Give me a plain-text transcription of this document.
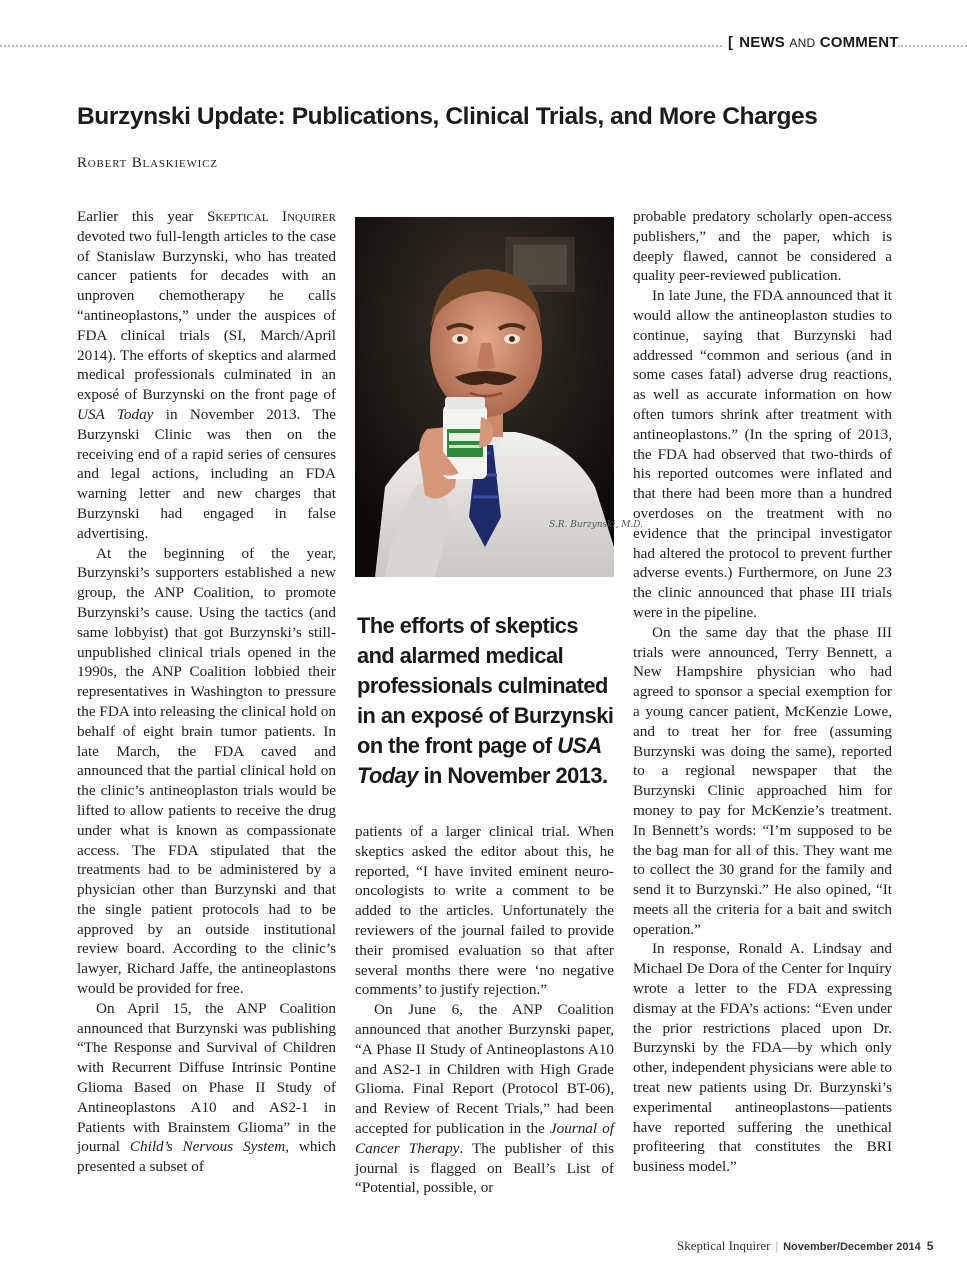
[ NEWS AND COMMENT
Burzynski Update: Publications, Clinical Trials, and More Charges
Robert Blaskiewicz

Earlier this year Skeptical Inquirer devoted two full-length articles to the case of Stanislaw Burzynski, who has treated cancer patients for decades with an unproven chemotherapy he calls “antineoplastons,” under the auspices of FDA clinical trials (SI, March/April 2014). The efforts of skeptics and alarmed medical professionals culminated in an exposé of Burzynski on the front page of USA Today in November 2013. The Burzynski Clinic was then on the receiving end of a rapid series of censures and legal actions, including an FDA warning letter and new charges that Burzynski had engaged in false advertising.

At the beginning of the year, Burzynski’s supporters established a new group, the ANP Coalition, to promote Burzynski’s cause. Using the tactics (and same lobbyist) that got Burzynski’s still-unpublished clinical trials opened in the 1990s, the ANP Coalition lobbied their representatives in Washington to pressure the FDA into releasing the clinical hold on behalf of eight brain tumor patients. In late March, the FDA caved and announced that the partial clinical hold on the clinic’s antineoplaston trials would be lifted to allow patients to receive the drug under what is known as compassionate access. The FDA stipulated that the treatments had to be administered by a physician other than Burzynski and that the single patient protocols had to be approved by an outside institutional review board. According to the clinic’s lawyer, Richard Jaffe, the antineoplastons would be provided for free.

On April 15, the ANP Coalition announced that Burzynski was publishing “The Response and Survival of Children with Recurrent Diffuse Intrinsic Pontine Glioma Based on Phase II Study of Antineoplastons A10 and AS2-1 in Patients with Brainstem Glioma” in the journal Child’s Nervous System, which presented a subset of

S.R. Burzynski, M.D.

The efforts of skeptics and alarmed medical professionals culminated in an exposé of Burzynski on the front page of USA Today in November 2013.

patients of a larger clinical trial. When skeptics asked the editor about this, he reported, “I have invited eminent neuro-oncologists to write a comment to be added to the articles. Unfortunately the reviewers of the journal failed to provide their promised evaluation so that after several months there were ‘no negative comments’ to justify rejection.”

On June 6, the ANP Coalition announced that another Burzynski paper, “A Phase II Study of Antineoplastons A10 and AS2-1 in Children with High Grade Glioma. Final Report (Protocol BT-06), and Review of Recent Trials,” had been accepted for publication in the Journal of Cancer Therapy. The publisher of this journal is flagged on Beall’s List of “Potential, possible, or

probable predatory scholarly open-access publishers,” and the paper, which is deeply flawed, cannot be considered a quality peer-reviewed publication.

In late June, the FDA announced that it would allow the antineoplaston studies to continue, saying that Burzynski had addressed “common and serious (and in some cases fatal) adverse drug reactions, as well as accurate information on how often tumors shrink after treatment with antineoplastons.” (In the spring of 2013, the FDA had observed that two-thirds of his reported outcomes were inflated and that there had been more than a hundred overdoses on the treatment with no evidence that the principal investigator had altered the protocol to prevent further adverse events.) Furthermore, on June 23 the clinic announced that phase III trials were in the pipeline.

On the same day that the phase III trials were announced, Terry Bennett, a New Hampshire physician who had agreed to sponsor a special exemption for a young cancer patient, McKenzie Lowe, and to treat her for free (assuming Burzynski was doing the same), reported to a regional newspaper that the Burzynski Clinic approached him for money to pay for McKenzie’s treatment. In Bennett’s words: “I’m supposed to be the bag man for all of this. They want me to collect the 30 grand for the family and send it to Burzynski.” He also opined, “It meets all the criteria for a bait and switch operation.”

In response, Ronald A. Lindsay and Michael De Dora of the Center for Inquiry wrote a letter to the FDA expressing dismay at the FDA’s actions: “Even under the prior restrictions placed upon Dr. Burzynski by the FDA—by which only other, independent physicians were able to treat new patients using Dr. Burzynski’s experimental antineoplastons—patients have reported suffering the unethical profiteering that constitutes the BRI business model.”

Skeptical Inquirer | November/December 2014 5
